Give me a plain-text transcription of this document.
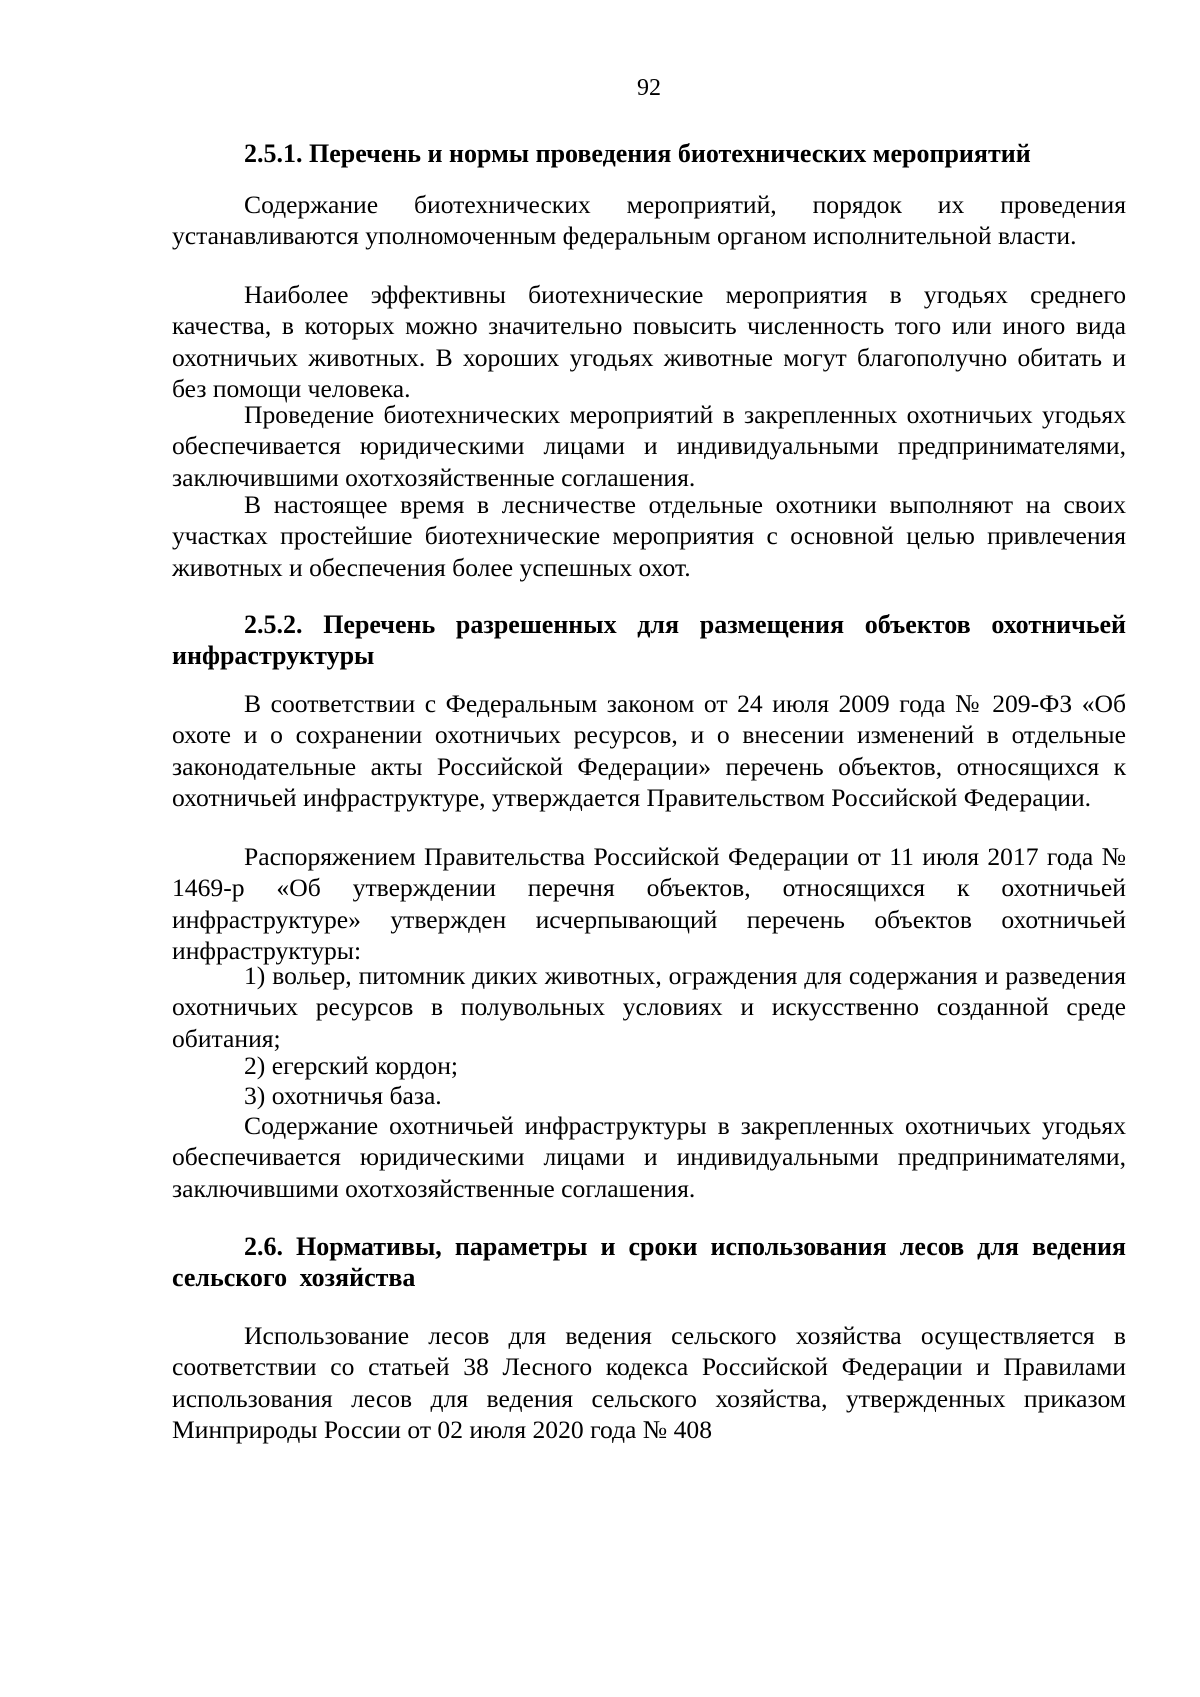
92
2.5.1. Перечень и нормы проведения биотехнических мероприятий
Содержание биотехнических мероприятий, порядок их проведения устанавливаются уполномоченным федеральным органом исполнительной власти.
Наиболее эффективны биотехнические мероприятия в угодьях среднего качества, в которых можно значительно повысить численность того или иного вида охотничьих животных. В хороших угодьях животные могут благополучно обитать и без помощи человека.
Проведение биотехнических мероприятий в закрепленных охотничьих угодьях обеспечивается юридическими лицами и индивидуальными предпринимателями, заключившими охотхозяйственные соглашения.
В настоящее время в лесничестве отдельные охотники выполняют на своих участках простейшие биотехнические мероприятия с основной целью привлечения животных и обеспечения более успешных охот.
2.5.2. Перечень разрешенных для размещения объектов охотничьей инфраструктуры
В соответствии с Федеральным законом от 24 июля 2009 года № 209-ФЗ «Об охоте и о сохранении охотничьих ресурсов, и о внесении изменений в отдельные законодательные акты Российской Федерации» перечень объектов, относящихся к охотничьей инфраструктуре, утверждается Правительством Российской Федерации.
Распоряжением Правительства Российской Федерации от 11 июля 2017 года № 1469-р «Об утверждении перечня объектов, относящихся к охотничьей инфраструктуре» утвержден исчерпывающий перечень объектов охотничьей инфраструктуры:
1) вольер, питомник диких животных, ограждения для содержания и разведения охотничьих ресурсов в полувольных условиях и искусственно созданной среде обитания;
2) егерский кордон;
3) охотничья база.
Содержание охотничьей инфраструктуры в закрепленных охотничьих угодьях обеспечивается юридическими лицами и индивидуальными предпринимателями, заключившими охотхозяйственные соглашения.
2.6. Нормативы, параметры и сроки использования лесов для ведения сельского хозяйства
Использование лесов для ведения сельского хозяйства осуществляется в соответствии со статьей 38 Лесного кодекса Российской Федерации и Правилами использования лесов для ведения сельского хозяйства, утвержденных приказом Минприроды России от 02 июля 2020 года № 408
